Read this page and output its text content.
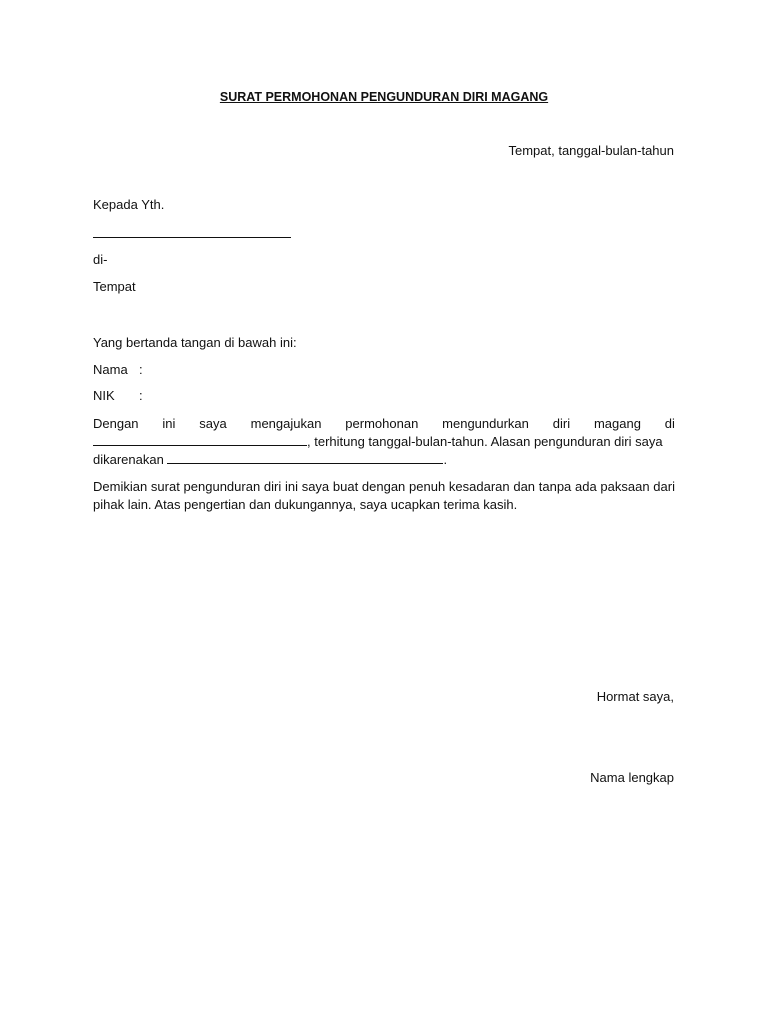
SURAT PERMOHONAN PENGUNDURAN DIRI MAGANG

Tempat, tanggal-bulan-tahun

Kepada Yth.

di-

Tempat

Yang bertanda tangan di bawah ini:

Nama :
NIK :
Dengan ini saya mengajukan permohonan mengundurkan diri magang di
, terhitung tanggal-bulan-tahun. Alasan pengunduran diri saya
dikarenakan	.

Demikian surat pengunduran diri ini saya buat dengan penuh kesadaran dan tanpa ada paksaan dari pihak lain. Atas pengertian dan dukungannya, saya ucapkan terima kasih.

Hormat saya,

Nama lengkap
